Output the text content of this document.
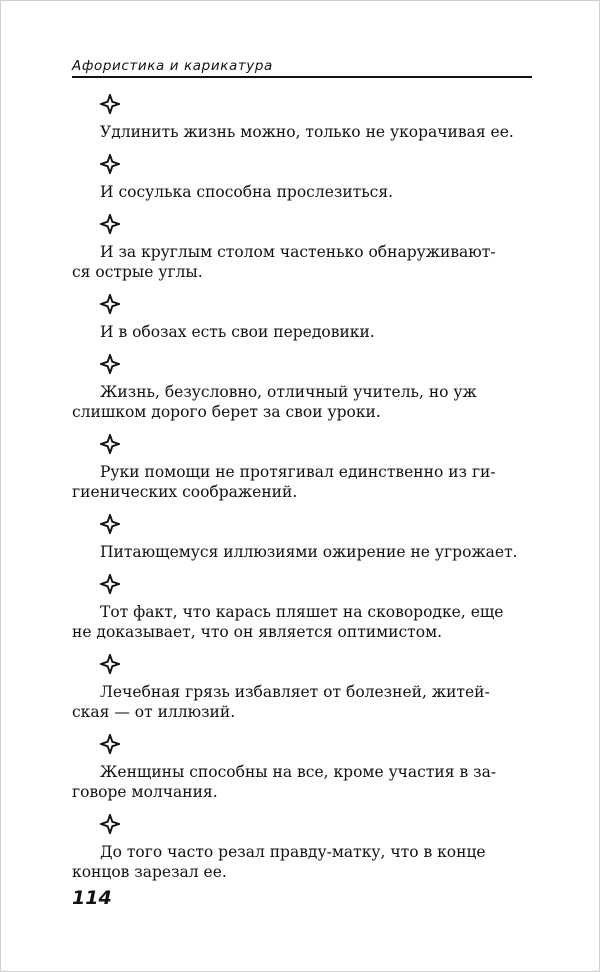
Афористика и карикатура

Удлинить жизнь можно, только не укорачивая ее.

И сосулька способна прослезиться.

И за круглым столом частенько обнаруживают-
ся острые углы.

И в обозах есть свои передовики.

Жизнь, безусловно, отличный учитель, но уж
слишком дорого берет за свои уроки.

Руки помощи не протягивал единственно из ги-
гиенических соображений.

Питающемуся иллюзиями ожирение не угрожает.

Тот факт, что карась пляшет на сковородке, еще
не доказывает, что он является оптимистом.

Лечебная грязь избавляет от болезней, житей-
ская — от иллюзий.

Женщины способны на все, кроме участия в за-
говоре молчания.

До того часто резал правду-матку, что в конце
концов зарезал ее.

114
